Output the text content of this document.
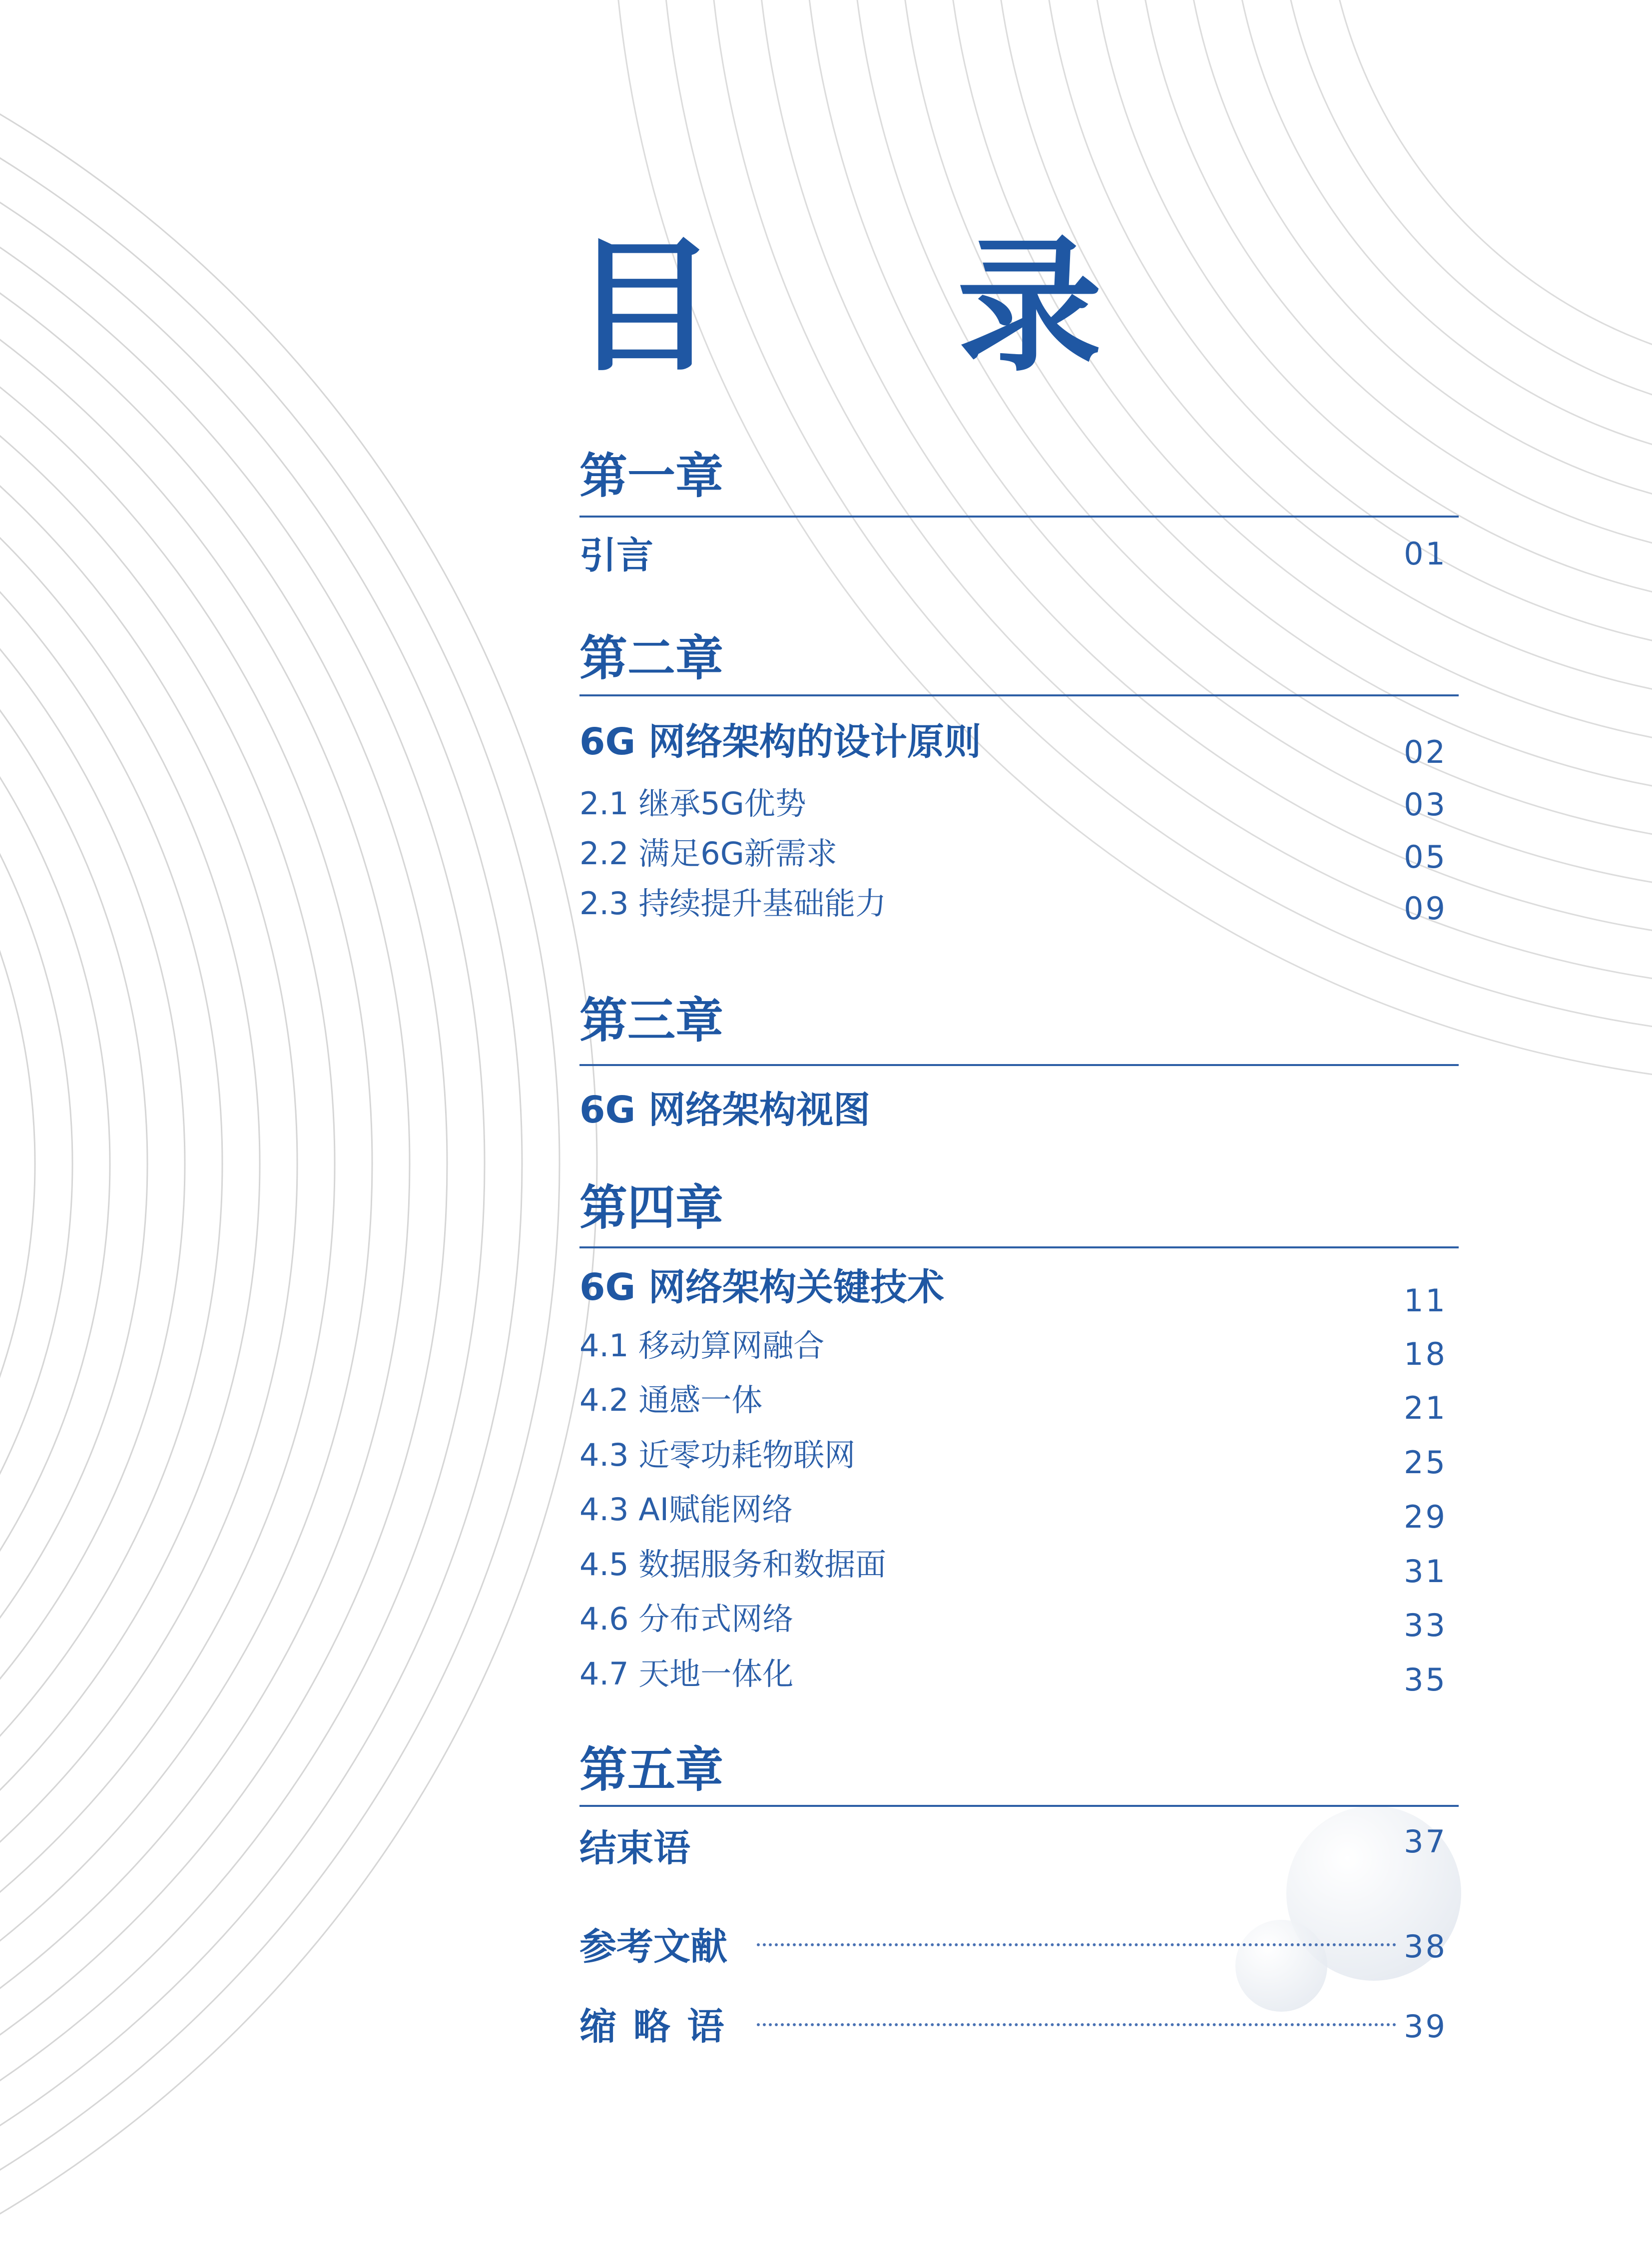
目 录
第一章
引言	01
第二章
6G 网络架构的设计原则	02
2.1 继承5G优势	03
2.2 满足6G新需求	05
2.3 持续提升基础能力	09
第三章
6G 网络架构视图
第四章
6G 网络架构关键技术	11
4.1 移动算网融合	18
4.2 通感一体	21
4.3 近零功耗物联网	25
4.3 AI赋能网络	29
4.5 数据服务和数据面	31
4.6 分布式网络	33
4.7 天地一体化	35
第五章
结束语	37
参考文献	38
缩 略 语	39
